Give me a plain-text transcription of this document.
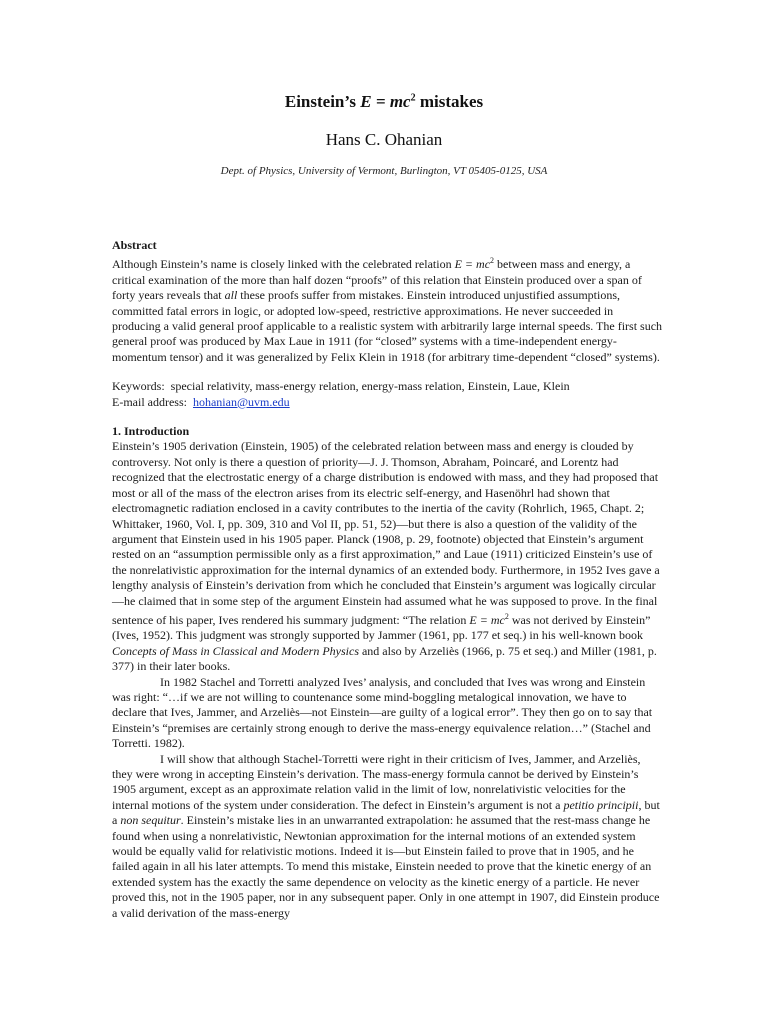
Einstein’s $E = mc^2$ mistakes
Hans C. Ohanian
Dept. of Physics, University of Vermont, Burlington, VT 05405-0125, USA

Abstract

Although Einstein’s name is closely linked with the celebrated relation $E = mc^2$ between mass and energy, a critical examination of the more than half dozen “proofs” of this relation that Einstein produced over a span of forty years reveals that all these proofs suffer from mistakes. Einstein introduced unjustified assumptions, committed fatal errors in logic, or adopted low-speed, restrictive approximations. He never succeeded in producing a valid general proof applicable to a realistic system with arbitrarily large internal speeds. The first such general proof was produced by Max Laue in 1911 (for “closed” systems with a time-independent energy-momentum tensor) and it was generalized by Felix Klein in 1918 (for arbitrary time-dependent “closed” systems).

Keywords: special relativity, mass-energy relation, energy-mass relation, Einstein, Laue, Klein

E-mail address: hohanian@uvm.edu

1. Introduction

Einstein’s 1905 derivation (Einstein, 1905) of the celebrated relation between mass and energy is clouded by controversy. Not only is there a question of priority—J. J. Thomson, Abraham, Poincaré, and Lorentz had recognized that the electrostatic energy of a charge distribution is endowed with mass, and they had proposed that most or all of the mass of the electron arises from its electric self-energy, and Hasenöhrl had shown that electromagnetic radiation enclosed in a cavity contributes to the inertia of the cavity (Rohrlich, 1965, Chapt. 2; Whittaker, 1960, Vol. I, pp. 309, 310 and Vol II, pp. 51, 52)—but there is also a question of the validity of the argument that Einstein used in his 1905 paper. Planck (1908, p. 29, footnote) objected that Einstein’s argument rested on an “assumption permissible only as a first approximation,” and Laue (1911) criticized Einstein’s use of the nonrelativistic approximation for the internal dynamics of an extended body. Furthermore, in 1952 Ives gave a lengthy analysis of Einstein’s derivation from which he concluded that Einstein’s argument was logically circular—he claimed that in some step of the argument Einstein had assumed what he was supposed to prove. In the final sentence of his paper, Ives rendered his summary judgment: “The relation $E = mc^2$ was not derived by Einstein” (Ives, 1952). This judgment was strongly supported by Jammer (1961, pp. 177 et seq.) in his well-known book Concepts of Mass in Classical and Modern Physics and also by Arzeliès (1966, p. 75 et seq.) and Miller (1981, p. 377) in their later books.

In 1982 Stachel and Torretti analyzed Ives’ analysis, and concluded that Ives was wrong and Einstein was right: “…if we are not willing to countenance some mind-boggling metalogical innovation, we have to declare that Ives, Jammer, and Arzeliès—not Einstein—are guilty of a logical error”. They then go on to say that Einstein’s “premises are certainly strong enough to derive the mass-energy equivalence relation…” (Stachel and Torretti. 1982).

I will show that although Stachel-Torretti were right in their criticism of Ives, Jammer, and Arzeliès, they were wrong in accepting Einstein’s derivation. The mass-energy formula cannot be derived by Einstein’s 1905 argument, except as an approximate relation valid in the limit of low, nonrelativistic velocities for the internal motions of the system under consideration. The defect in Einstein’s argument is not a petitio principii, but a non sequitur. Einstein’s mistake lies in an unwarranted extrapolation: he assumed that the rest-mass change he found when using a nonrelativistic, Newtonian approximation for the internal motions of an extended system would be equally valid for relativistic motions. Indeed it is—but Einstein failed to prove that in 1905, and he failed again in all his later attempts. To mend this mistake, Einstein needed to prove that the kinetic energy of an extended system has the exactly the same dependence on velocity as the kinetic energy of a particle. He never proved this, not in the 1905 paper, nor in any subsequent paper. Only in one attempt in 1907, did Einstein produce a valid derivation of the mass-energy
